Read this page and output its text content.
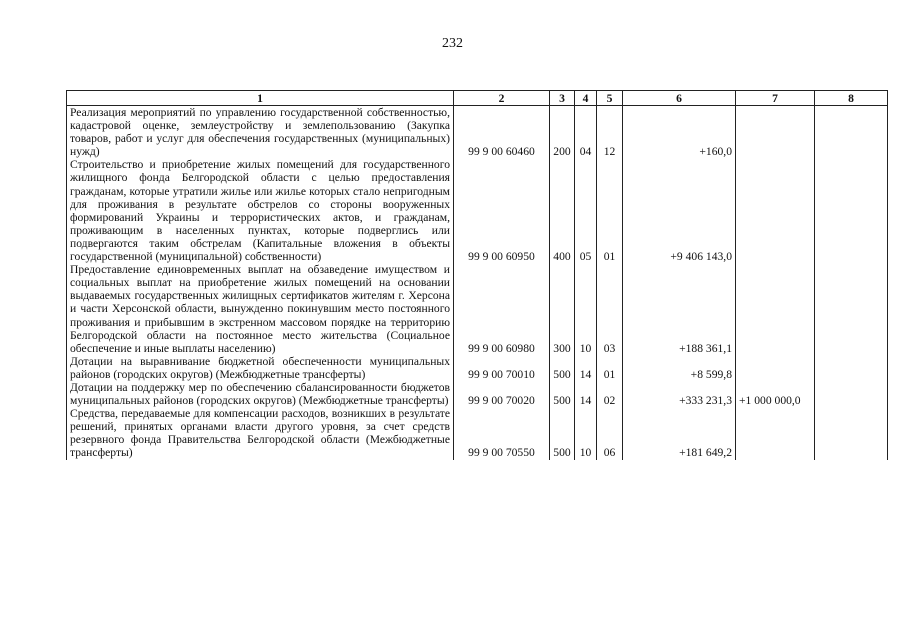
232
1	2	3	4	5	6	7	8
Реализация мероприятий по управлению государственной собственностью, кадастровой оценке, землеустройству и землепользованию (Закупка товаров, работ и услуг для обеспечения государственных (муниципальных) нужд)	99 9 00 60460	200	04	12	+160,0		
Строительство и приобретение жилых помещений для государственного жилищного фонда Белгородской области с целью предоставления гражданам, которые утратили жилье или жилье которых стало непригодным для проживания в результате обстрелов со стороны вооруженных формирований Украины и террористических актов, и гражданам, проживающим в населенных пунктах, которые подверглись или подвергаются таким обстрелам (Капитальные вложения в объекты государственной (муниципальной) собственности)	99 9 00 60950	400	05	01	+9 406 143,0		
Предоставление единовременных выплат на обзаведение имуществом и социальных выплат на приобретение жилых помещений на основании выдаваемых государственных жилищных сертификатов жителям г. Херсона и части Херсонской области, вынужденно покинувшим место постоянного проживания и прибывшим в экстренном массовом порядке на территорию Белгородской области на постоянное место жительства (Социальное обеспечение и иные выплаты населению)	99 9 00 60980	300	10	03	+188 361,1		
Дотации на выравнивание бюджетной обеспеченности муниципальных районов (городских округов) (Межбюджетные трансферты)	99 9 00 70010	500	14	01	+8 599,8		
Дотации на поддержку мер по обеспечению сбалансированности бюджетов муниципальных районов (городских округов) (Межбюджетные трансферты)	99 9 00 70020	500	14	02	+333 231,3	+1 000 000,0	
Средства, передаваемые для компенсации расходов, возникших в результате решений, принятых органами власти другого уровня, за счет средств резервного фонда Правительства Белгородской области (Межбюджетные трансферты)	99 9 00 70550	500	10	06	+181 649,2		
